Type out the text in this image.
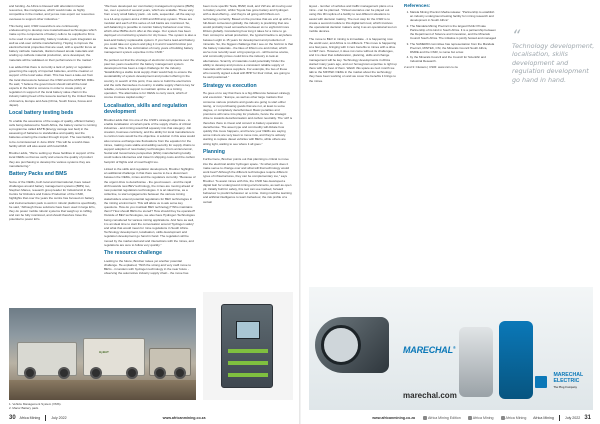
and funding. As Africa is blessed with abundant mineral resources, like manganese, which would make us highly competitive in the market, and yet we now export our resources overseas to support other industries."

This being said, CSIR researchers are continuously endeavouring to develop new material-based technologies which make up the components of battery cells to be supplied to firms to be used in cell assembly, battery modules, pack integration as well as end-user vehicle manufacturing. Hoping to improve the electrochemical properties that are used, with a specific focus on battery cathode materials, titanium-based anode materials and scaling up cathode material production, once developed, the materials will be validated on their performance in the market."

Luo added that there is currently a lack of policy or regulation governing the supply of imported batteries, and the creation or support of the local value chain. This has been a take-out from the local discussions between the CSIR and the MINTEK IDMs. He said, "I believe the government should call all the local experts in the field to convene in order to create policy or regulation in support of the local battery value chain in the industry taking heed of the lessons learned by the United States of America, Europe and Asia (China, South Korea, Korea and Japan).

Local battery testing beds

To enable the assurance of the usage of quality, efficient battery cells being delivered to South Africa, the battery center is running a programme called ESTB (Energy storage test bed) in the assessing of batteries to standardise and quality test the batteries entering the market through import. The new facility is to be commissioned in June 2022. This will be a world class facility which will also assist with local R&D.

Brodner adds, "We're setting up these facilities in support of the local OEMs so that we verify and ensure the quality of product they are purchasing to develop the various systems they are manufacturing."

Battery Packs and BMS

Some of the OEMs, both local and international, have raised challenges around battery management systems (BMS) too, Stephen Manes, research group leader for Industrial AI in the Centre for Robotics and Future Production of the CSIR, highlights that over the years the centre has focused on battery and instrumentation pack to work in robotic platforms specifically, he said, "Although these solutions have been used in large EVs, they do power mobile robotic systems that weigh up to 120kg, and can be fully monitored, and should therefore have the potential to power EVs.

"We have developed our own battery management systems (BMS) too, over a period of several years, which are scalable. These vary from a very small battery pack - six cells, sequential - all the way up to a 14-amp system and a 2 000 and 800 amp system. These are modular and each of this series of cell banks are monitored. So, self-balancing is possible to monitor battery behaviour over time, which other BMSs don't offer at this stage. Our system has been deployed on monitoring systems for city buses. The system is also a lead-acid battery replaceable system. If you had a lead-acid battery, you could take our system and plug it in and it would function just the same. This is the culmination of many years of building battery management system expertise in the CSIR."

He pointed out that the shortage of electronic components over the past two years needed for the battery management system development has been a major challenge for the industry. "Establishing a stable local supply chain would help to ensure the sustainability of system development and product offering in the country. In search of this point, if we were to build the electronics and the cells themselves in-country. A stable supply chain is key for reliable, consistent support to maintain uptime at a mining operation. The alternative is for OEMs to carry stock, which of course involves capital outlay."

Localisation, skills and regulation development

Brodner adds that it is one of the CSIR's strategic objectives - to enable localisation of certain parts of the supply chains of critical industries - and mining would fall squarely into that category. Job creation, business continuity, and the ability for local manufacturers to control costs would be the objective. A solution in this area would also remove exchange rate fluctuations from the equation for the mines, making costs stable and adding security for supply chains to support adoption of new battery technologies. From an Economic, Social and Governance perspective (ESG) manufacturing locally could reduce kilometres and travel in shipping costs and the carbon footprint of flights and of road freight too.

Linked to the skills and regulation development, Brodner highlights an additional challenge in that there seems to be a disconnect between the OEMs, mines and the regulators currently. "Because of the urgent drive to decarbonise - the good reason - and the rapid shift towards new BEV technology, the mines are moving ahead of new potential regulations technologies. It is an ideal time, as a collective, to start engagements between the various mining stakeholders around potential regulations for BEV technologies in the mining environment. This will allow us to ask some key questions. How do you maintain BEV technology? Who maintains them? How should BEVs be stored? How should they be operated? Outside of BEV technologies, we also have Hydrogen Technologies being considered for various mining applications. And here as well, it is an ideal time to start the conversation around 'hydrogen safety' and what that would mean for mine regulations in South Africa. Technology development, localisation, skills development and regulation development go hand in hand. The regulation will be moved by the market demand and interactions with the mines, and regulations are sure to follow very quickly."

The resource challenge

Looking to the future, Brodner raises yet another potential challenge. He explained, "With the strong and very swift move to BEVs - in tandem with hydrogen technology in the near future - observing the automotive industry supply chain - the move has

been more specific Tesla, BMW, Audi, and VW are all moving over to battery electric, whilst Toyota has gone battery and hydrogen with a dual offering - and they're all going with lithium-ion technology currently. Based on the premise that we end up with a full-blown conversion globally, the industry is predicting that one would probably need somewhere between six to eight-fold more lithium globally. Considering how long it takes for a mine to go from concept to actual production, the typical timeline is anywhere between eight to 15 years for development and production of minerals. So, the biggest challenge that I see on the horizon is that the battery materials - the likes of lithium ore and nickel, which we've now recently seen a big upsurge on - will become scarce, and commodity prices could force the industry to look at alternatives. Scarcity of materials could potentially hinder the ability to develop and procure a consistent reliable supply of materials with various suppliers. For example, the two of these who recently signed a deal with BHP for their nickel, are going to be well positioned."

Strategy vs execution

He goes on to say that there is a big difference between strategy and execution. "Europe, as well as other large markets that consume various products and goods are going to start either taxing, or not purchasing goods that are not, at least to some degree, or completely decarbonised. Basic penalties and premiums will come into play for products, hence the strategic drive to towards decarbonisation and carbon neutrality. The 'will' is therefore there to invest and convert to battery operation to decarbonise. The asset type and commodity will dictate how quickly this move happens, and hence your OEMs are saying some miners are very keen to move now, and they're actively starting to replace diesel vehicles with BEVs, while others are sitting tight, waiting to see where it all goes."

Planning

Furthermore, Brodner points out that planning is critical to move into the electrical and/or hydrogen space. "At what point does it make sense to change over and what will that technology would work best? Although the different technologies require different types of infrastructures, they can be complementary too," says Brodner. To assist mines with this, the CSIR has developed a digital twin for underground mining environments, as well as open pit. Initially built for safety, this tool can use tracked, forward behaviour to predict behaviour on a mine. Using machine learning and artificial intelligence to learn behaviour, the risk profile of a certain

HyBAT
1. Vehicle Management System (VMS).
2. Macor Battery pack.

layout - number of vehicles and traffic management plans on a mine - can be planned. "Virtual scenarios can be played out using this 3D replica of a facility to test different situations to assist with decision making. The next step for the CSIR is to create a second module to this digital twin tool, which involves the operational decision makers using it as an operational tool on mobile devices.

The move to BEV in mining is immediate - it is happening now the world over, and Africa is no different. This move is happening at a fast pace, bringing with it zero benefits to mines with a drive to NET zero. However, it does not come without its challenges, and it is clear that collaboration, planning, skills and change management will be key. Technology developments in Africa started many years ago, and our homegrown expertise is right up there with the best of them. Watch this space as next month we talk to the MINTEK OEMs in the market about the technology they have been working on and we cover the benefits it brings to the mines.

References:
1. Marèla Mining Precinct Media release: "Partnership to establish an industry underground testing facility for mining research and development in South Africa"
2. The Mandela Mining Precinct is the largest Public Private Partnership of its kind in South Africa. It is a partnership between the Department of Science and Innovation, and the Minerals Council South Africa. The initiative is jointly hosted and managed
3. The SAMERDI committee has representation from the Mandela Precinct, MINTEK, CSI, the Minerals Council South Africa, DMRE and the CSIR, to name but a few.
4. by the Minerals Council and the Council for Scientific and Industrial Research.
2 and 3: Clusters | CSIR: www.csir.co.za
“
Technology development, localisation, skills development and regulation development go hand in hand.
MARECHAL®
marechal.com
MARECHAL
ELECTRIC
The Plug Company
30 Africa Mining	July 2022	www.africanmining.co.za	www.africanmining.co.za	Africa Mining Edition	Africa Mining	Africa Mining Africa Mining	July 2022 31
